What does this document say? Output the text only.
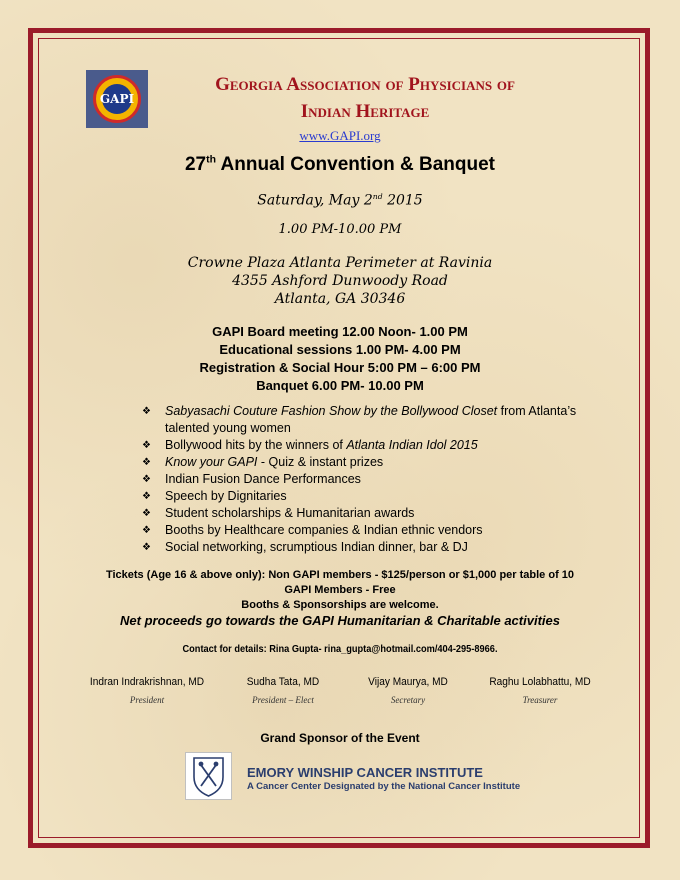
GAPI
Georgia Association of Physicians of
Indian Heritage
www.GAPI.org
27th Annual Convention & Banquet
Saturday, May 2nd 2015
1.00 PM-10.00 PM
Crowne Plaza Atlanta Perimeter at Ravinia
4355 Ashford Dunwoody Road
Atlanta, GA 30346
GAPI Board meeting 12.00 Noon- 1.00 PM
Educational sessions 1.00 PM- 4.00 PM
Registration & Social Hour 5:00 PM – 6:00 PM
Banquet 6.00 PM- 10.00 PM
❖ Sabyasachi Couture Fashion Show by the Bollywood Closet from Atlanta’s talented young women
❖ Bollywood hits by the winners of Atlanta Indian Idol 2015
❖ Know your GAPI - Quiz & instant prizes
❖ Indian Fusion Dance Performances
❖ Speech by Dignitaries
❖ Student scholarships & Humanitarian awards
❖ Booths by Healthcare companies & Indian ethnic vendors
❖ Social networking, scrumptious Indian dinner, bar & DJ
Tickets (Age 16 & above only): Non GAPI members - $125/person or $1,000 per table of 10
GAPI Members - Free
Booths & Sponsorships are welcome.
Net proceeds go towards the GAPI Humanitarian & Charitable activities
Contact for details: Rina Gupta- rina_gupta@hotmail.com/404-295-8966.
Indran Indrakrishnan, MD
President
Sudha Tata, MD
President – Elect
Vijay Maurya, MD
Secretary
Raghu Lolabhattu, MD
Treasurer
Grand Sponsor of the Event
EMORY WINSHIP CANCER INSTITUTE
A Cancer Center Designated by the National Cancer Institute
